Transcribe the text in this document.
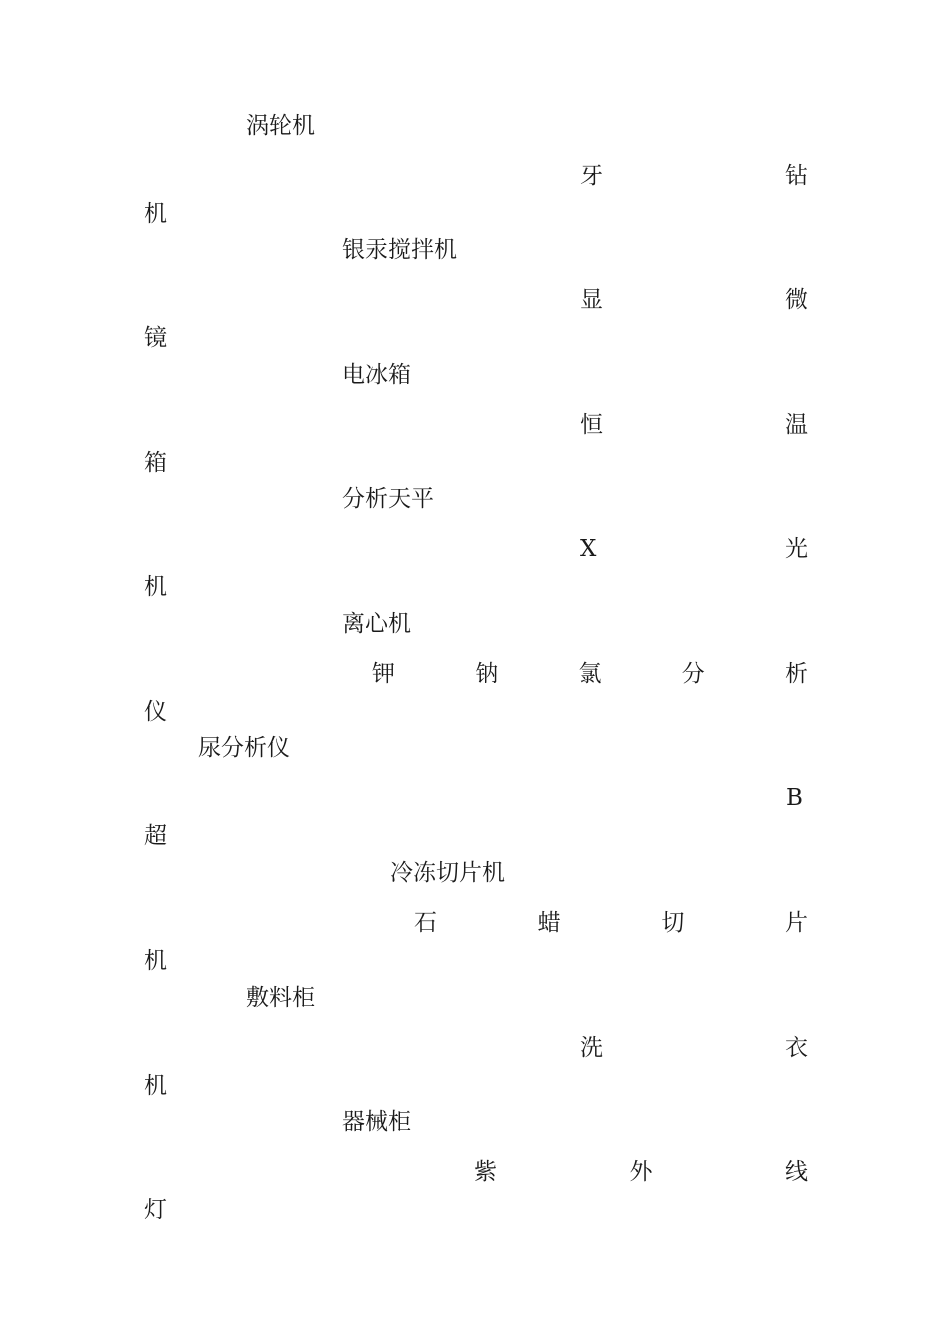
涡轮机
牙	钻
机
银汞搅拌机
显	微
镜
电冰箱
恒	温
箱
分析天平
X	光
机
离心机
钾	钠	氯	分	析
仪
尿分析仪
B
超
冷冻切片机
石	蜡	切	片
机
敷料柜
洗	衣
机
器械柜
紫	外	线
灯
